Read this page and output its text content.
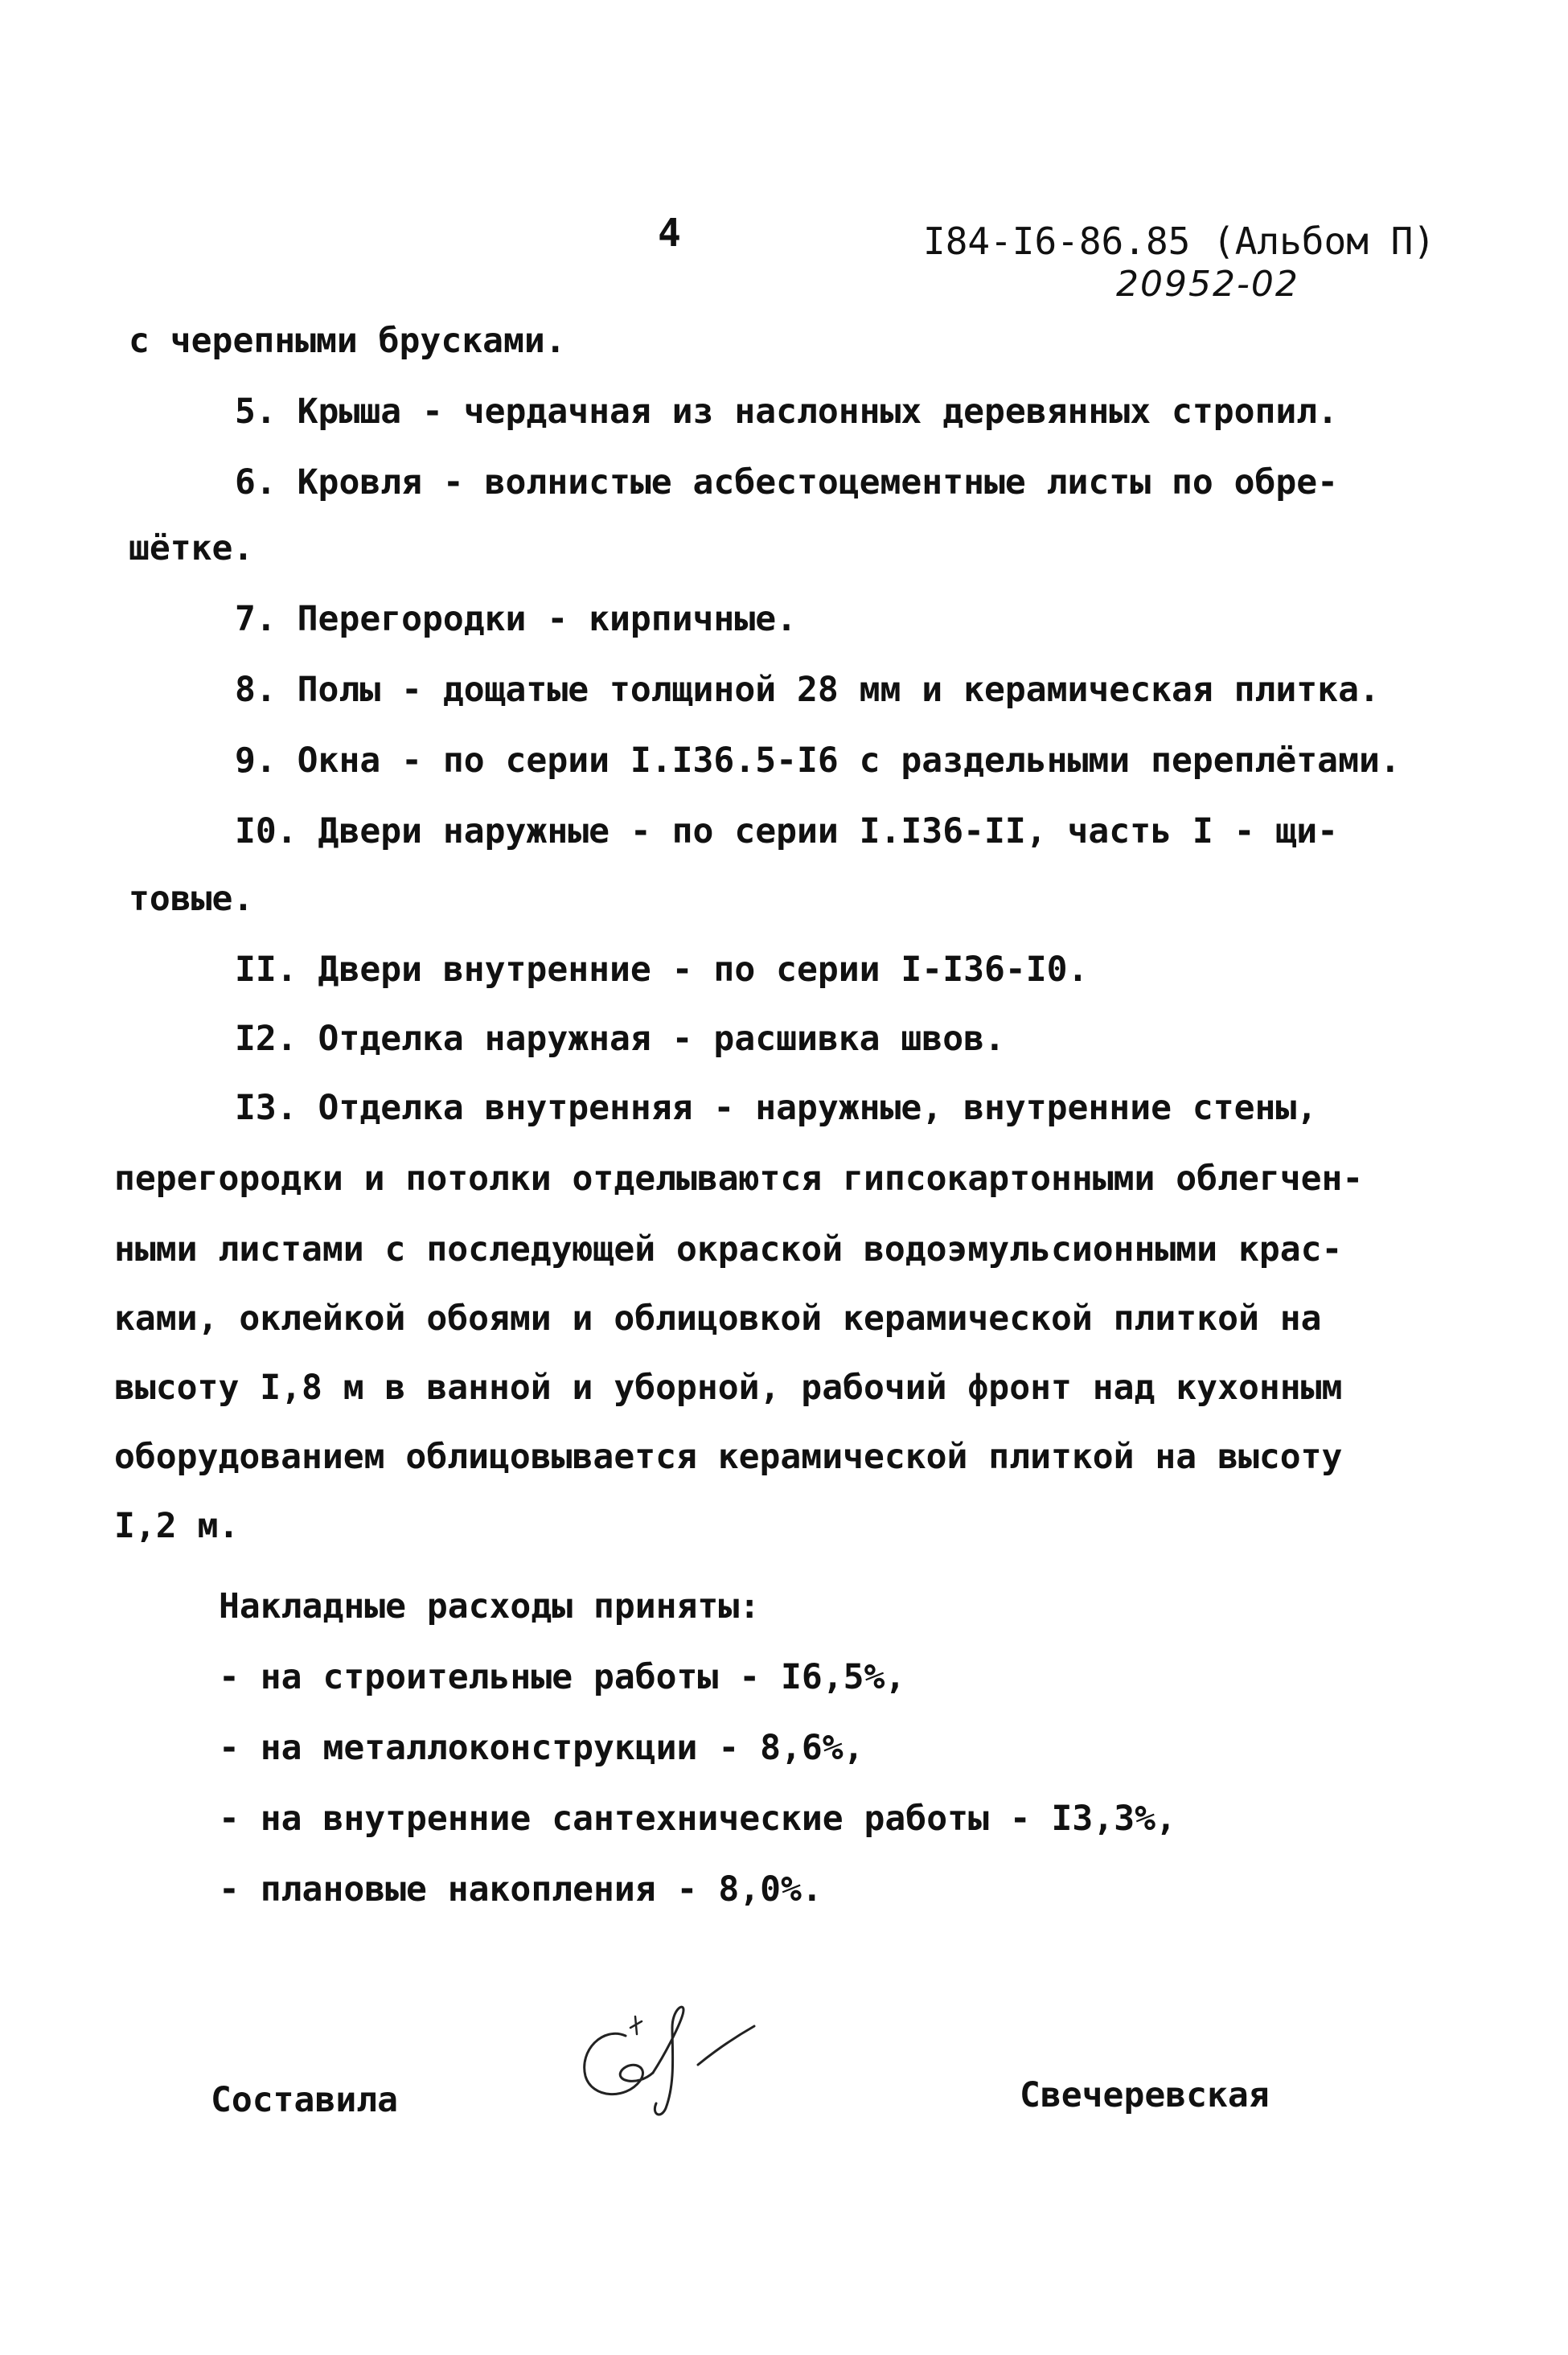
4	I84-I6-86.85 (Альбом П)
20952-02
с черепными брусками.
5. Крыша - чердачная из наслонных деревянных стропил.
6. Кровля - волнистые асбестоцементные листы по обре-
шётке.
7. Перегородки - кирпичные.
8. Полы - дощатые толщиной 28 мм и керамическая плитка.
9. Окна - по серии I.I36.5-I6 с раздельными переплётами.
I0. Двери наружные - по серии I.I36-II, часть I - щи-
товые.
II. Двери внутренние - по серии I-I36-I0.
I2. Отделка наружная - расшивка швов.
I3. Отделка внутренняя - наружные, внутренние стены,
перегородки и потолки отделываются гипсокартонными облегчен-
ными листами с последующей окраской водоэмульсионными крас-
ками, оклейкой обоями и облицовкой керамической плиткой на
высоту I,8 м в ванной и уборной, рабочий фронт над кухонным
оборудованием облицовывается керамической плиткой на высоту
I,2 м.
Накладные расходы приняты:
- на строительные работы - I6,5%,
- на металлоконструкции - 8,6%,
- на внутренние сантехнические работы - I3,3%,
- плановые накопления - 8,0%.
Составила	Свечеревская
